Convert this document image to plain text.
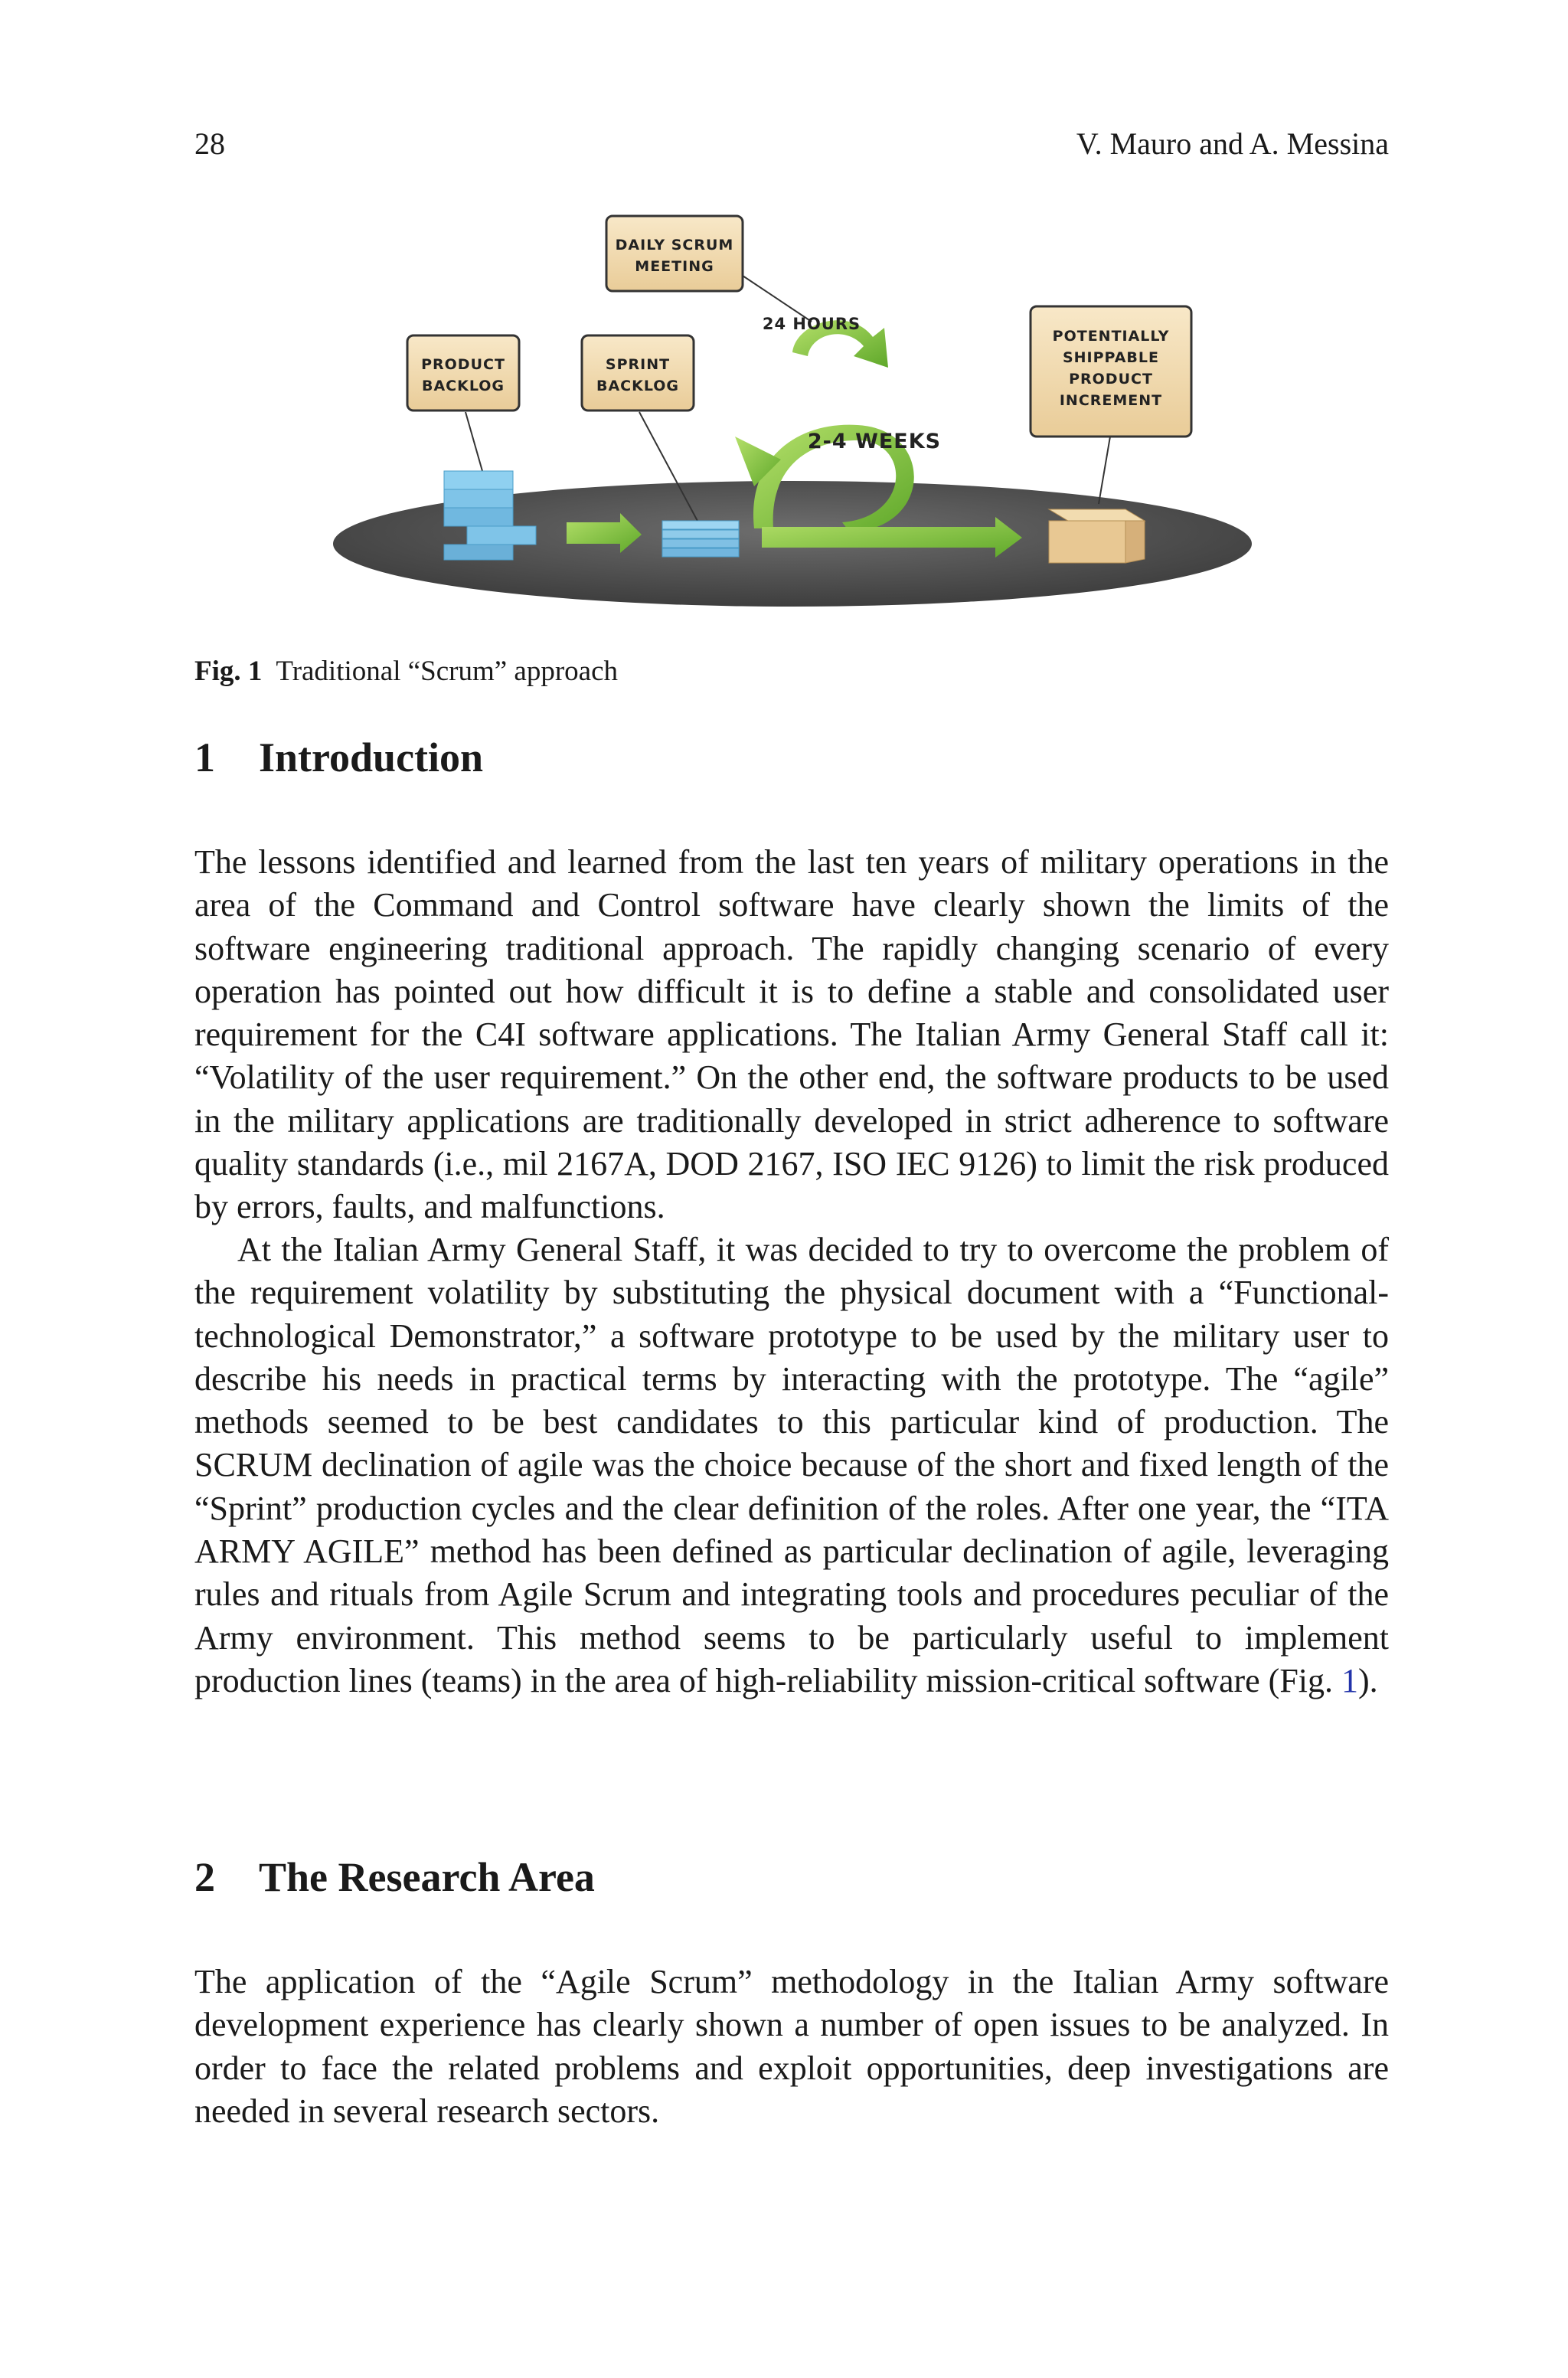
28	V. Mauro and A. Messina
DAILY SCRUM
MEETING
PRODUCT
BACKLOG
SPRINT
BACKLOG
POTENTIALLY
SHIPPABLE
PRODUCT
INCREMENT
24 HOURS
2-4 WEEKS
Fig. 1 Traditional “Scrum” approach
1 Introduction

The lessons identified and learned from the last ten years of military operations in the area of the Command and Control software have clearly shown the limits of the software engineering traditional approach. The rapidly changing scenario of every operation has pointed out how difficult it is to define a stable and consolidated user requirement for the C4I software applications. The Italian Army General Staff call it: “Volatility of the user requirement.” On the other end, the software products to be used in the military applications are traditionally developed in strict adherence to software quality standards (i.e., mil 2167A, DOD 2167, ISO IEC 9126) to limit the risk produced by errors, faults, and malfunctions.

At the Italian Army General Staff, it was decided to try to overcome the problem of the requirement volatility by substituting the physical document with a “Functional-technological Demonstrator,” a software prototype to be used by the military user to describe his needs in practical terms by interacting with the prototype. The “agile” methods seemed to be best candidates to this particular kind of production. The SCRUM declination of agile was the choice because of the short and fixed length of the “Sprint” production cycles and the clear definition of the roles. After one year, the “ITA ARMY AGILE” method has been defined as particular declination of agile, leveraging rules and rituals from Agile Scrum and integrating tools and procedures peculiar of the Army environment. This method seems to be particularly useful to implement production lines (teams) in the area of high-reliability mission-critical software (Fig. 1).

2 The Research Area

The application of the “Agile Scrum” methodology in the Italian Army software development experience has clearly shown a number of open issues to be analyzed. In order to face the related problems and exploit opportunities, deep investigations are needed in several research sectors.
